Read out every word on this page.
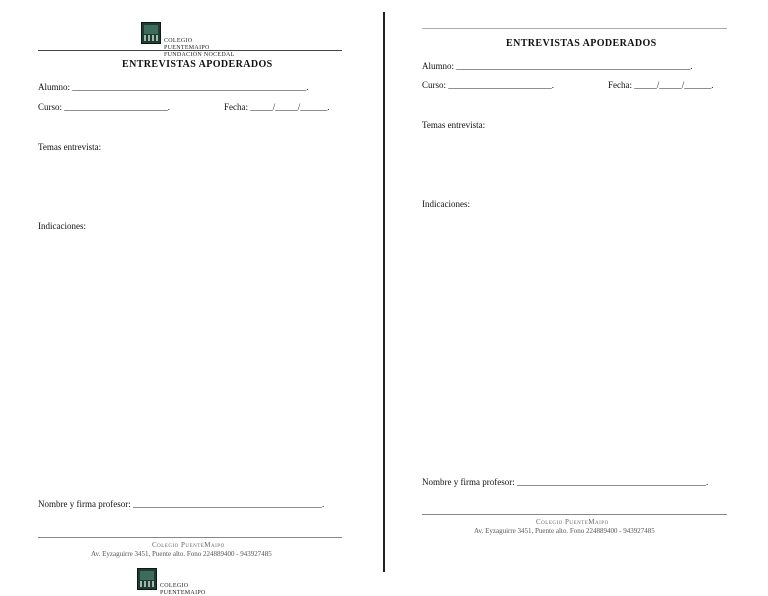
COLEGIO
PUENTEMAIPO
FUNDACIÓN NOCEDAL
ENTREVISTAS APODERADOS
Alumno: ____________________________________________________.
Curso: _______________________.	Fecha: _____/_____/______.
Temas entrevista:
Indicaciones:
Nombre y firma profesor: __________________________________________.
Colegio PuenteMaipo
Av. Eyzaguirre 3451, Puente alto. Fono 224889400 - 943927485
COLEGIO
PUENTEMAIPO
ENTREVISTAS APODERADOS
Alumno: ____________________________________________________.
Curso: _______________________.	Fecha: _____/_____/______.
Temas entrevista:
Indicaciones:
Nombre y firma profesor: __________________________________________.
Colegio PuenteMaipo
Av. Eyzaguirre 3451, Puente alto. Fono 224889400 - 943927485
